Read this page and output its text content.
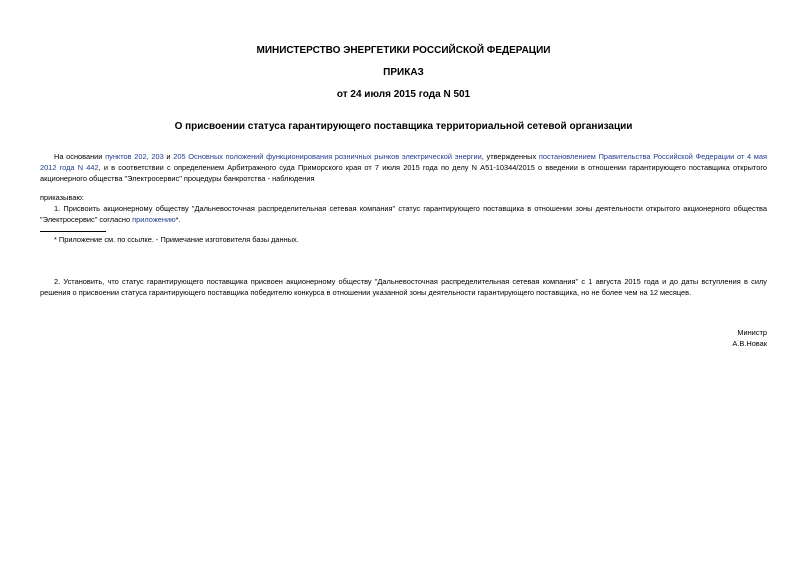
МИНИСТЕРСТВО ЭНЕРГЕТИКИ РОССИЙСКОЙ ФЕДЕРАЦИИ
ПРИКАЗ
от 24 июля 2015 года N 501
О присвоении статуса гарантирующего поставщика территориальной сетевой организации
На основании пунктов 202, 203 и 205 Основных положений функционирования розничных рынков электрической энергии, утвержденных постановлением Правительства Российской Федерации от 4 мая 2012 года N 442, и в соответствии с определением Арбитражного суда Приморского края от 7 июля 2015 года по делу N А51-10344/2015 о введении в отношении гарантирующего поставщика открытого акционерного общества "Электросервис" процедуры банкротства - наблюдения
приказываю:
1. Присвоить акционерному обществу "Дальневосточная распределительная сетевая компания" статус гарантирующего поставщика в отношении зоны деятельности открытого акционерного общества "Электросервис" согласно приложению*.
* Приложение см. по ссылке. - Примечание изготовителя базы данных.
2. Установить, что статус гарантирующего поставщика присвоен акционерному обществу "Дальневосточная распределительная сетевая компания" с 1 августа 2015 года и до даты вступления в силу решения о присвоении статуса гарантирующего поставщика победителю конкурса в отношении указанной зоны деятельности гарантирующего поставщика, но не более чем на 12 месяцев.
Министр
А.В.Новак
